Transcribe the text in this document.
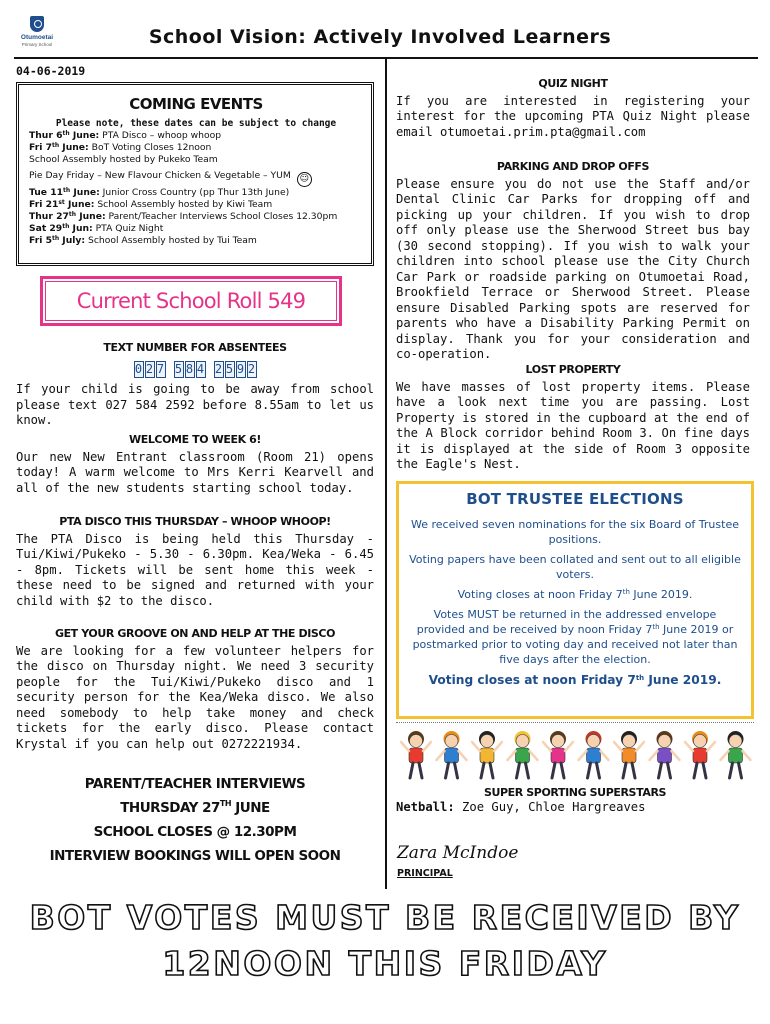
Otumoetai
Primary School	School Vision: Actively Involved Learners
04-06-2019
COMING EVENTS
Please note, these dates can be subject to change
Thur 6th June: PTA Disco – whoop whoop
Fri 7th June: BoT Voting Closes 12noon
School Assembly hosted by Pukeko Team
Pie Day Friday – New Flavour Chicken & Vegetable – YUM ☺
Tue 11th June: Junior Cross Country (pp Thur 13th June)
Fri 21st June: School Assembly hosted by Kiwi Team
Thur 27th June: Parent/Teacher Interviews School Closes 12.30pm
Sat 29th Jun: PTA Quiz Night
Fri 5th July: School Assembly hosted by Tui Team
Current School Roll 549
TEXT NUMBER FOR ABSENTEES
0 2 7 5 8 4 2 5 9 2
If your child is going to be away from school please text 027 584 2592 before 8.55am to let us know.
WELCOME TO WEEK 6!
Our new New Entrant classroom (Room 21) opens today! A warm welcome to Mrs Kerri Kearvell and all of the new students starting school today.
PTA DISCO THIS THURSDAY – WHOOP WHOOP!
The PTA Disco is being held this Thursday - Tui/Kiwi/Pukeko - 5.30 - 6.30pm. Kea/Weka - 6.45 - 8pm. Tickets will be sent home this week - these need to be signed and returned with your child with $2 to the disco.
GET YOUR GROOVE ON AND HELP AT THE DISCO
We are looking for a few volunteer helpers for the disco on Thursday night. We need 3 security people for the Tui/Kiwi/Pukeko disco and 1 security person for the Kea/Weka disco. We also need somebody to help take money and check tickets for the early disco. Please contact Krystal if you can help out 0272221934.
PARENT/TEACHER INTERVIEWS
THURSDAY 27TH JUNE
SCHOOL CLOSES @ 12.30PM
INTERVIEW BOOKINGS WILL OPEN SOON
QUIZ NIGHT
If you are interested in registering your interest for the upcoming PTA Quiz Night please email otumoetai.prim.pta@gmail.com
PARKING AND DROP OFFS
Please ensure you do not use the Staff and/or Dental Clinic Car Parks for dropping off and picking up your children. If you wish to drop off only please use the Sherwood Street bus bay (30 second stopping). If you wish to walk your children into school please use the City Church Car Park or roadside parking on Otumoetai Road, Brookfield Terrace or Sherwood Street. Please ensure Disabled Parking spots are reserved for parents who have a Disability Parking Permit on display. Thank you for your consideration and co-operation.
LOST PROPERTY
We have masses of lost property items. Please have a look next time you are passing. Lost Property is stored in the cupboard at the end of the A Block corridor behind Room 3. On fine days it is displayed at the side of Room 3 opposite the Eagle's Nest.
BOT TRUSTEE ELECTIONS

We received seven nominations for the six Board of Trustee positions.

Voting papers have been collated and sent out to all eligible voters.

Voting closes at noon Friday 7th June 2019.

Votes MUST be returned in the addressed envelope provided and be received by noon Friday 7th June 2019 or postmarked prior to voting day and received not later than five days after the election.

Voting closes at noon Friday 7th June 2019.

SUPER SPORTING SUPERSTARS
Netball: Zoe Guy, Chloe Hargreaves
Zara McIndoe
PRINCIPAL
BOT VOTES MUST BE RECEIVED BY
12NOON THIS FRIDAY
